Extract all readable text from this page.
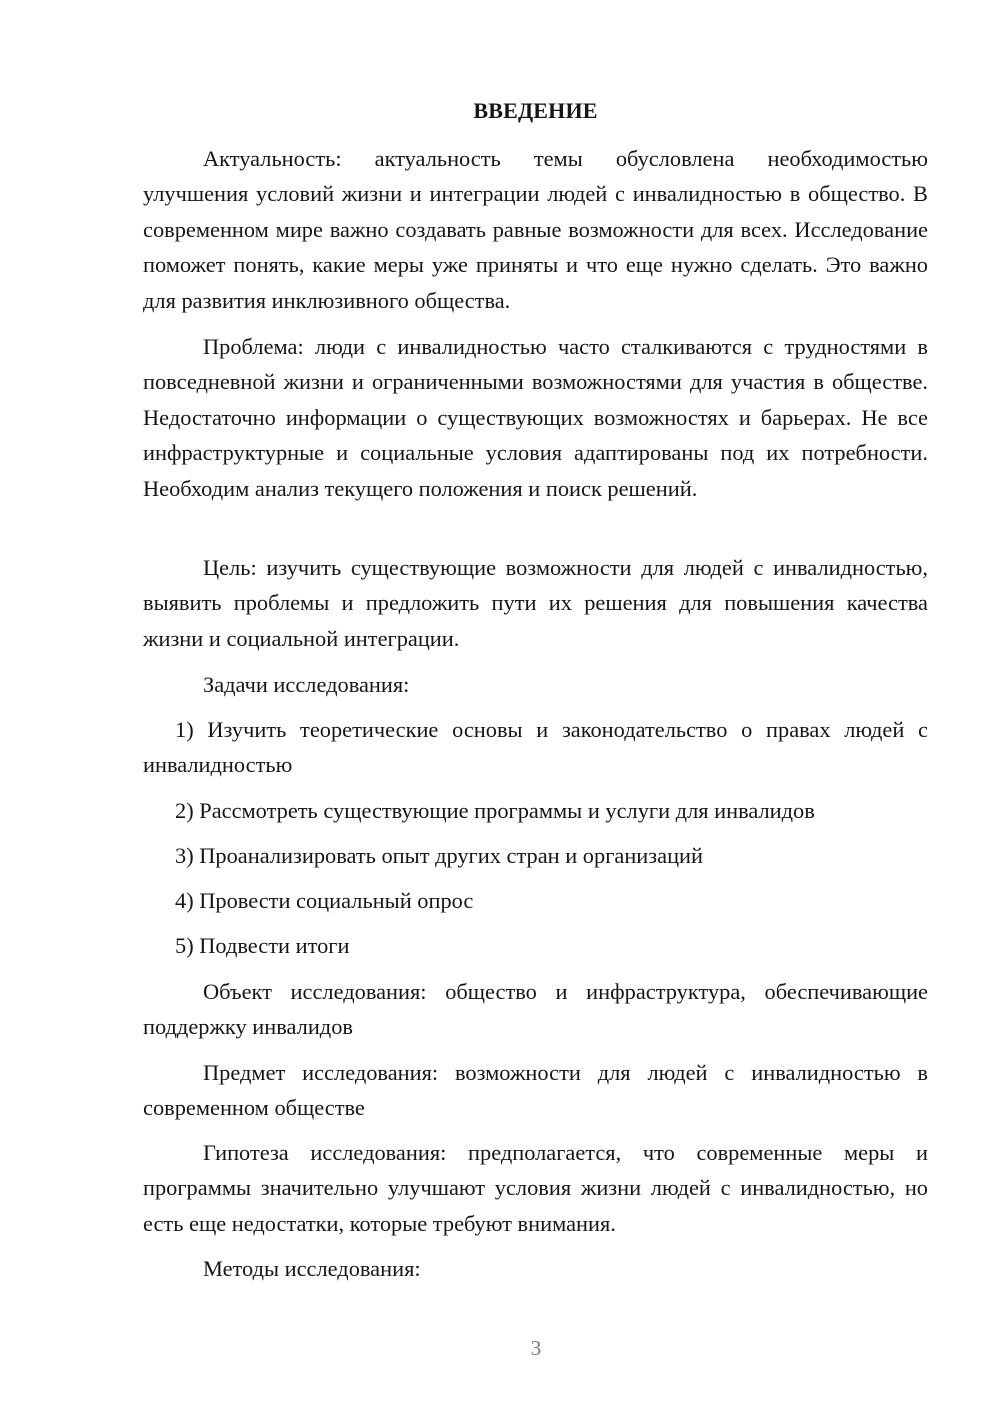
ВВЕДЕНИЕ

Актуальность: актуальность темы обусловлена необходимостью улучшения условий жизни и интеграции людей с инвалидностью в общество. В современном мире важно создавать равные возможности для всех. Исследование поможет понять, какие меры уже приняты и что еще нужно сделать. Это важно для развития инклюзивного общества.

Проблема: люди с инвалидностью часто сталкиваются с трудностями в повседневной жизни и ограниченными возможностями для участия в обществе. Недостаточно информации о существующих возможностях и барьерах. Не все инфраструктурные и социальные условия адаптированы под их потребности. Необходим анализ текущего положения и поиск решений.

Цель: изучить существующие возможности для людей с инвалидностью, выявить проблемы и предложить пути их решения для повышения качества жизни и социальной интеграции.

Задачи исследования:

1) Изучить теоретические основы и законодательство о правах людей с инвалидностью

2) Рассмотреть существующие программы и услуги для инвалидов

3) Проанализировать опыт других стран и организаций

4) Провести социальный опрос

5) Подвести итоги

Объект исследования: общество и инфраструктура, обеспечивающие поддержку инвалидов

Предмет исследования: возможности для людей с инвалидностью в современном обществе

Гипотеза исследования: предполагается, что современные меры и программы значительно улучшают условия жизни людей с инвалидностью, но есть еще недостатки, которые требуют внимания.

Методы исследования:

3
